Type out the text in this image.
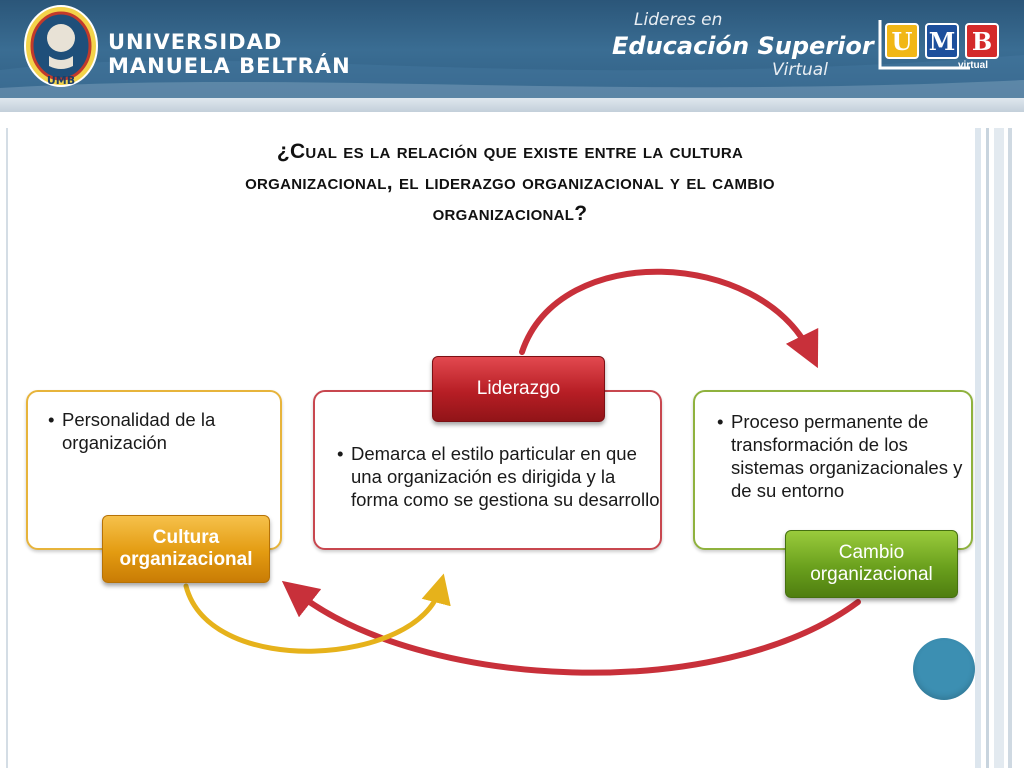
UMB
UNIVERSIDAD
MANUELA BELTRÁN
Lideres en
Educación Superior
Virtual
U M B
virtual
¿Cual es la relación que existe entre la cultura
organizacional, el liderazgo organizacional y el cambio
organizacional?
• Personalidad de la organización
• Demarca el estilo particular en que una organización es dirigida y la forma como se gestiona su desarrollo
• Proceso permanente de transformación de los sistemas organizacionales y de su entorno
Cultura organizacional
Liderazgo
Cambio organizacional
